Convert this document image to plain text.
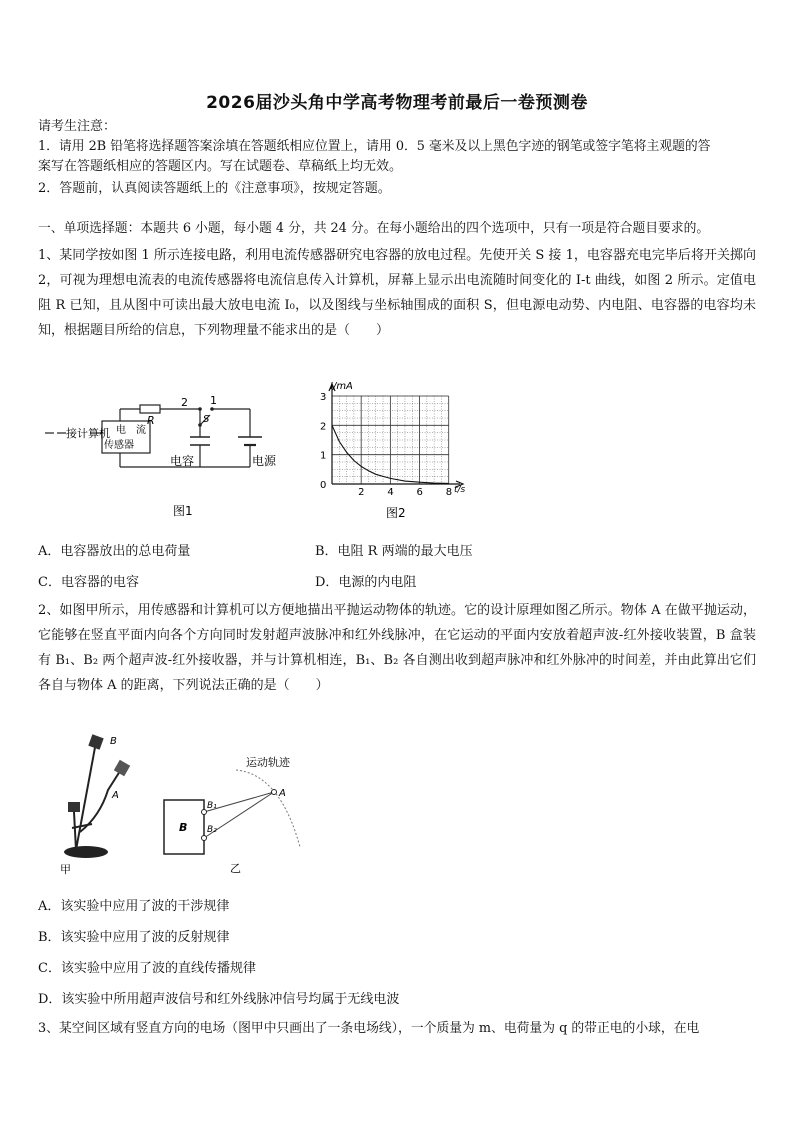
2026届沙头角中学高考物理考前最后一卷预测卷
请考生注意：
1．请用 2B 铅笔将选择题答案涂填在答题纸相应位置上，请用 0．5 毫米及以上黑色字迹的钢笔或签字笔将主观题的答
案写在答题纸相应的答题区内。写在试题卷、草稿纸上均无效。
2．答题前，认真阅读答题纸上的《注意事项》，按规定答题。
一、单项选择题：本题共 6 小题，每小题 4 分，共 24 分。在每小题给出的四个选项中，只有一项是符合题目要求的。
1、某同学按如图 1 所示连接电路，利用电流传感器研究电容器的放电过程。先使开关 S 接 1，电容器充电完毕后将开关掷向 2，可视为理想电流表的电流传感器将电流信息传入计算机，屏幕上显示出电流随时间变化的 I-t 曲线，如图 2 所示。定值电阻 R 已知，且从图中可读出最大放电电流 I₀，以及图线与坐标轴围成的面积 S，但电源电动势、内电阻、电容器的电容均未知，根据题目所给的信息，下列物理量不能求出的是（　　）
接计算机 电　流
传感器
R
2 1
S
电容	电源
图1
3
2
1
0
2 4 6 8
I/mA
t/s
图2
A．电容器放出的总电荷量	B．电阻 R 两端的最大电压
C．电容器的电容	D．电源的内电阻
2、如图甲所示，用传感器和计算机可以方便地描出平抛运动物体的轨迹。它的设计原理如图乙所示。物体 A 在做平抛运动，它能够在竖直平面内向各个方向同时发射超声波脉冲和红外线脉冲，在它运动的平面内安放着超声波-红外接收装置，B 盒装有 B₁、B₂ 两个超声波-红外接收器，并与计算机相连，B₁、B₂ 各自测出收到超声脉冲和红外脉冲的时间差，并由此算出它们各自与物体 A 的距离，下列说法正确的是（　　）
B
A
甲
运动轨迹
A
B
B₁
B₂
乙
A．该实验中应用了波的干涉规律
B．该实验中应用了波的反射规律
C．该实验中应用了波的直线传播规律
D．该实验中所用超声波信号和红外线脉冲信号均属于无线电波
3、某空间区域有竖直方向的电场（图甲中只画出了一条电场线），一个质量为 m、电荷量为 q 的带正电的小球，在电
